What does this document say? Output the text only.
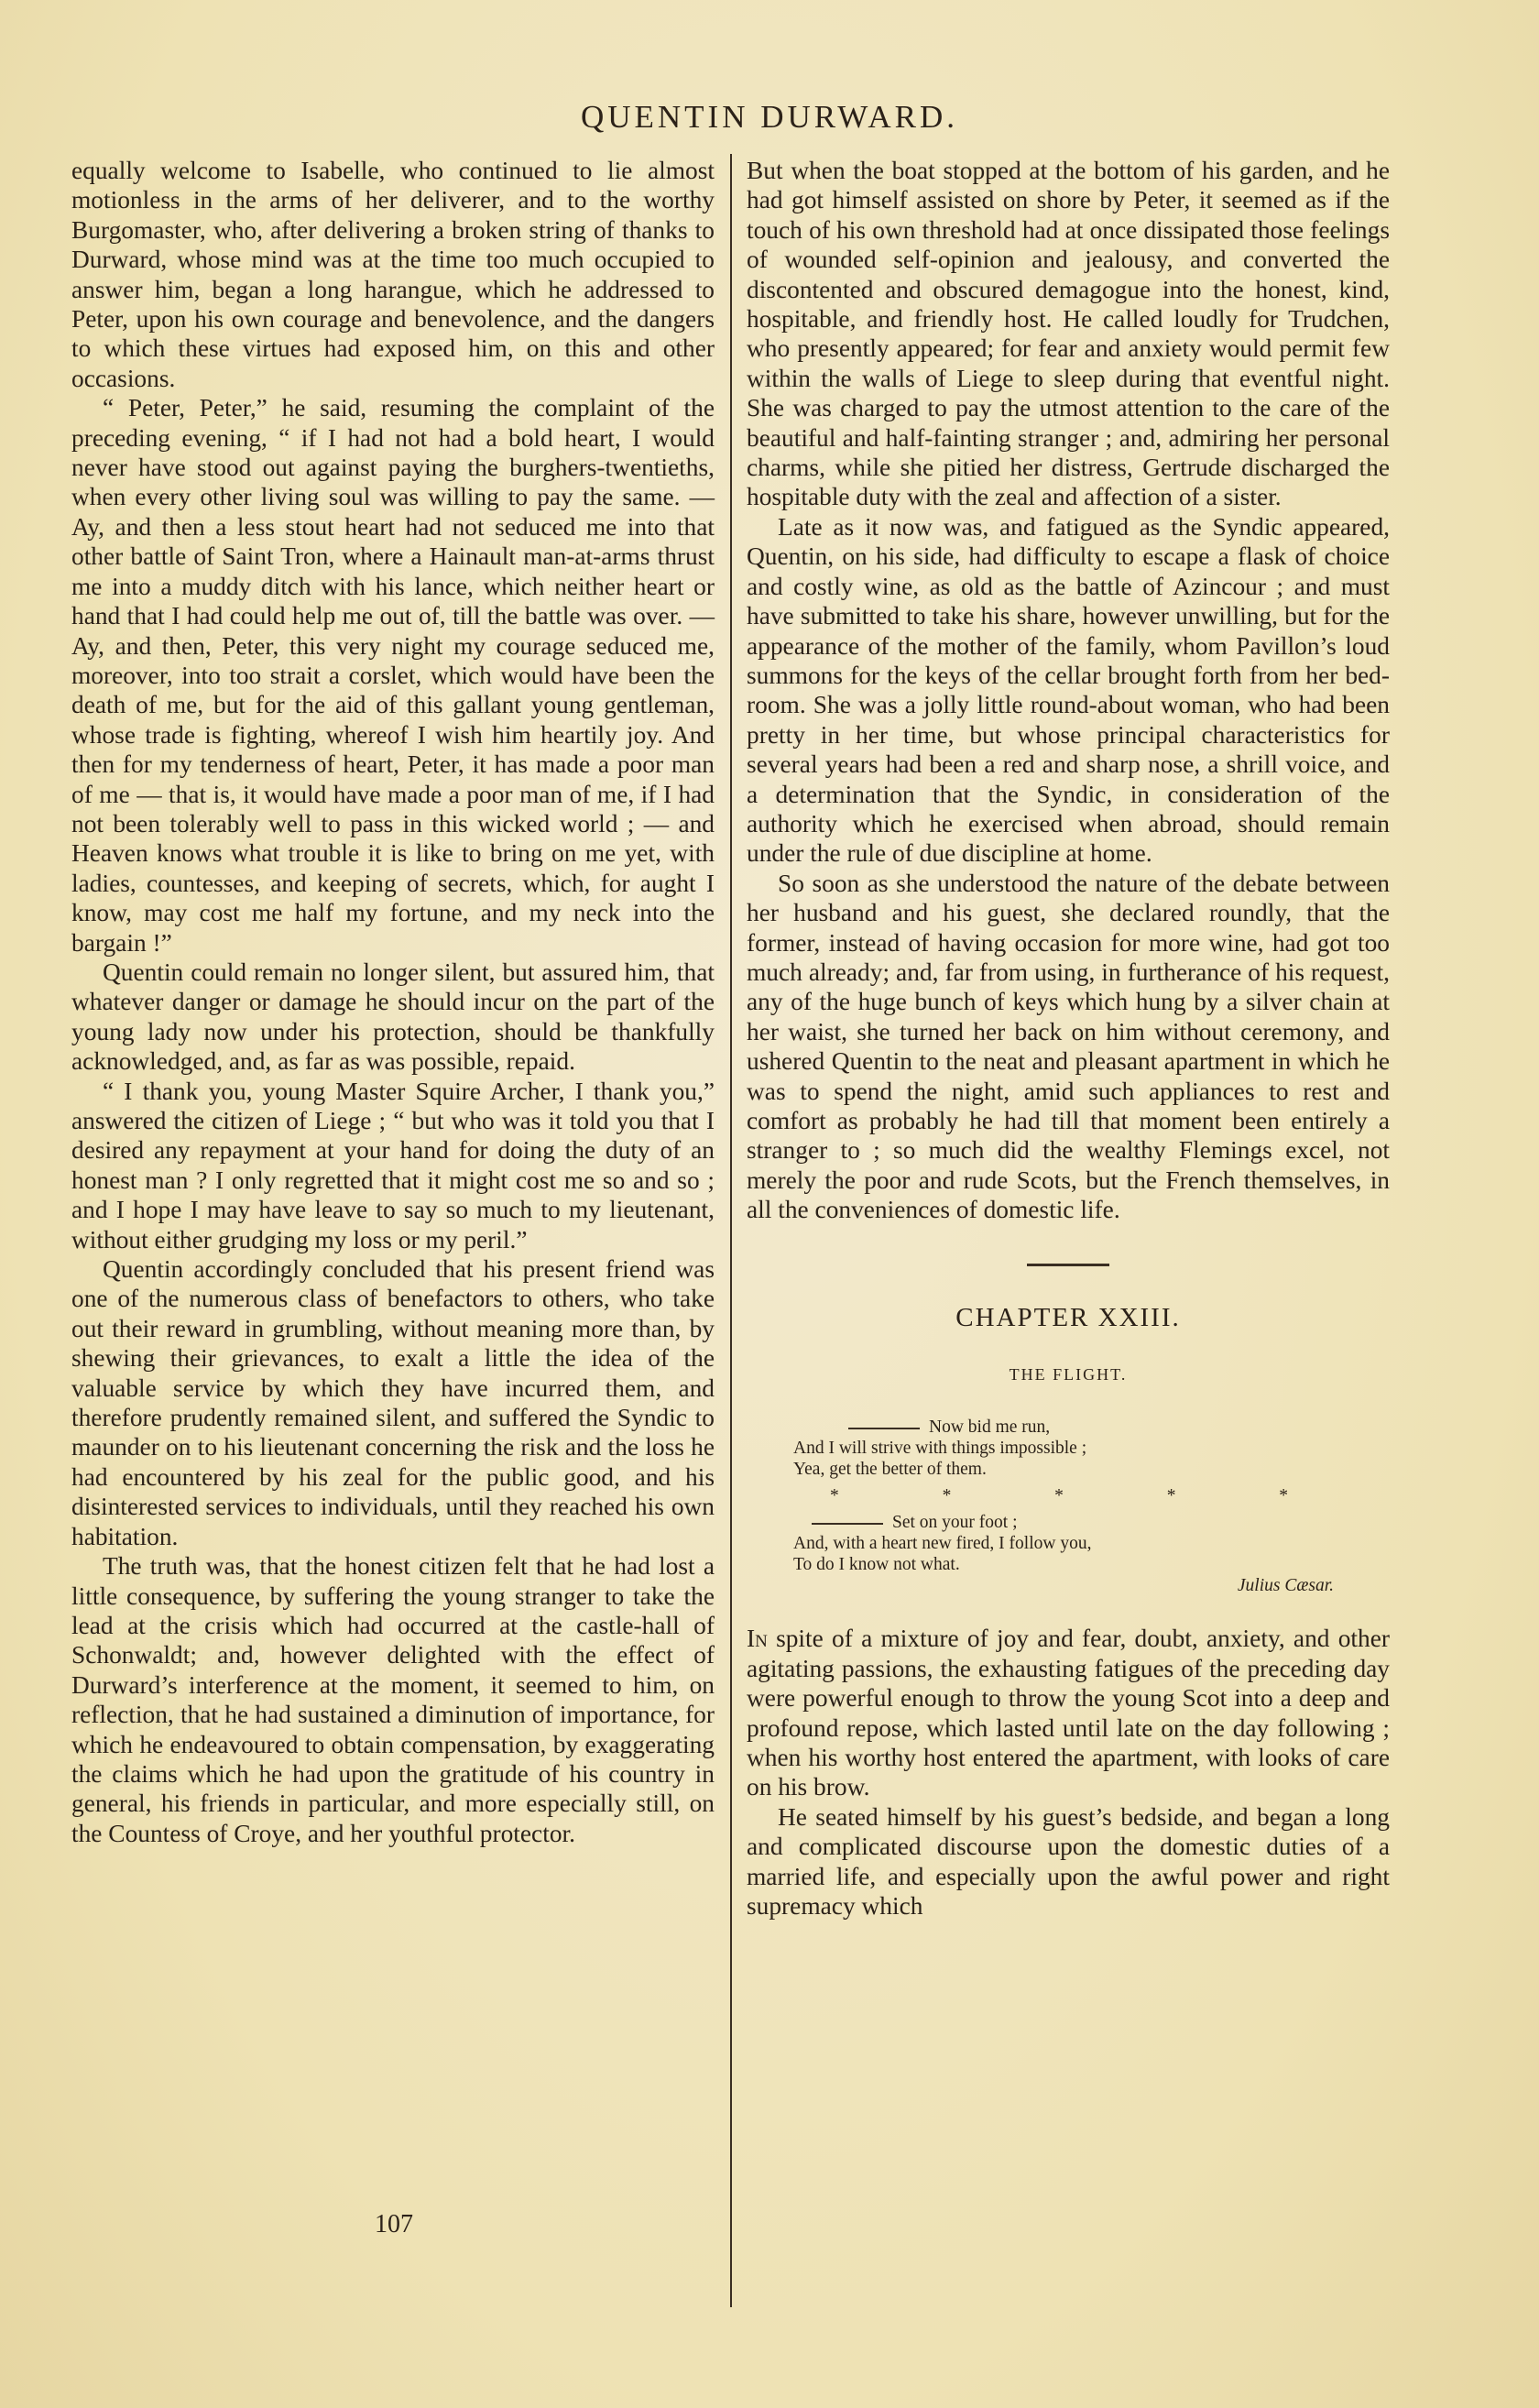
QUENTIN DURWARD.

equally welcome to Isabelle, who continued to lie almost motionless in the arms of her deliverer, and to the worthy Burgomaster, who, after delivering a broken string of thanks to Durward, whose mind was at the time too much occupied to answer him, began a long harangue, which he addressed to Peter, upon his own courage and benevolence, and the dangers to which these virtues had exposed him, on this and other occasions.

“ Peter, Peter,” he said, resuming the complaint of the preceding evening, “ if I had not had a bold heart, I would never have stood out against paying the burghers-twentieths, when every other living soul was willing to pay the same. — Ay, and then a less stout heart had not seduced me into that other battle of Saint Tron, where a Hainault man-at-arms thrust me into a muddy ditch with his lance, which neither heart or hand that I had could help me out of, till the battle was over. — Ay, and then, Peter, this very night my courage seduced me, moreover, into too strait a corslet, which would have been the death of me, but for the aid of this gallant young gentleman, whose trade is fighting, whereof I wish him heartily joy. And then for my tenderness of heart, Peter, it has made a poor man of me — that is, it would have made a poor man of me, if I had not been tolerably well to pass in this wicked world ; — and Heaven knows what trouble it is like to bring on me yet, with ladies, countesses, and keeping of secrets, which, for aught I know, may cost me half my fortune, and my neck into the bargain !”

Quentin could remain no longer silent, but assured him, that whatever danger or damage he should incur on the part of the young lady now under his protection, should be thankfully acknowledged, and, as far as was possible, repaid.

“ I thank you, young Master Squire Archer, I thank you,” answered the citizen of Liege ; “ but who was it told you that I desired any repayment at your hand for doing the duty of an honest man ? I only regretted that it might cost me so and so ; and I hope I may have leave to say so much to my lieutenant, without either grudging my loss or my peril.”

Quentin accordingly concluded that his present friend was one of the numerous class of benefactors to others, who take out their reward in grumbling, without meaning more than, by shewing their grievances, to exalt a little the idea of the valuable service by which they have incurred them, and therefore prudently remained silent, and suffered the Syndic to maunder on to his lieutenant concerning the risk and the loss he had encountered by his zeal for the public good, and his disinterested services to individuals, until they reached his own habitation.

The truth was, that the honest citizen felt that he had lost a little consequence, by suffering the young stranger to take the lead at the crisis which had occurred at the castle-hall of Schonwaldt; and, however delighted with the effect of Durward’s interference at the moment, it seemed to him, on reflection, that he had sustained a diminution of importance, for which he endeavoured to obtain compensation, by exaggerating the claims which he had upon the gratitude of his country in general, his friends in particular, and more especially still, on the Countess of Croye, and her youthful protector.

But when the boat stopped at the bottom of his garden, and he had got himself assisted on shore by Peter, it seemed as if the touch of his own threshold had at once dissipated those feelings of wounded self-opinion and jealousy, and converted the discontented and obscured demagogue into the honest, kind, hospitable, and friendly host. He called loudly for Trudchen, who presently appeared; for fear and anxiety would permit few within the walls of Liege to sleep during that eventful night. She was charged to pay the utmost attention to the care of the beautiful and half-fainting stranger ; and, admiring her personal charms, while she pitied her distress, Gertrude discharged the hospitable duty with the zeal and affection of a sister.

Late as it now was, and fatigued as the Syndic appeared, Quentin, on his side, had difficulty to escape a flask of choice and costly wine, as old as the battle of Azincour ; and must have submitted to take his share, however unwilling, but for the appearance of the mother of the family, whom Pavillon’s loud summons for the keys of the cellar brought forth from her bed-room. She was a jolly little round-about woman, who had been pretty in her time, but whose principal characteristics for several years had been a red and sharp nose, a shrill voice, and a determination that the Syndic, in consideration of the authority which he exercised when abroad, should remain under the rule of due discipline at home.

So soon as she understood the nature of the debate between her husband and his guest, she declared roundly, that the former, instead of having occasion for more wine, had got too much already; and, far from using, in furtherance of his request, any of the huge bunch of keys which hung by a silver chain at her waist, she turned her back on him without ceremony, and ushered Quentin to the neat and pleasant apartment in which he was to spend the night, amid such appliances to rest and comfort as probably he had till that moment been entirely a stranger to ; so much did the wealthy Flemings excel, not merely the poor and rude Scots, but the French themselves, in all the conveniences of domestic life.

CHAPTER XXIII.
THE FLIGHT.
Now bid me run,
And I will strive with things impossible ;
Yea, get the better of them.
*	*	*	*	*
Set on your foot ;
And, with a heart new fired, I follow you,
To do I know not what.
Julius Cæsar.

In spite of a mixture of joy and fear, doubt, anxiety, and other agitating passions, the exhausting fatigues of the preceding day were powerful enough to throw the young Scot into a deep and profound repose, which lasted until late on the day following ; when his worthy host entered the apartment, with looks of care on his brow.

He seated himself by his guest’s bedside, and began a long and complicated discourse upon the domestic duties of a married life, and especially upon the awful power and right supremacy which

107
